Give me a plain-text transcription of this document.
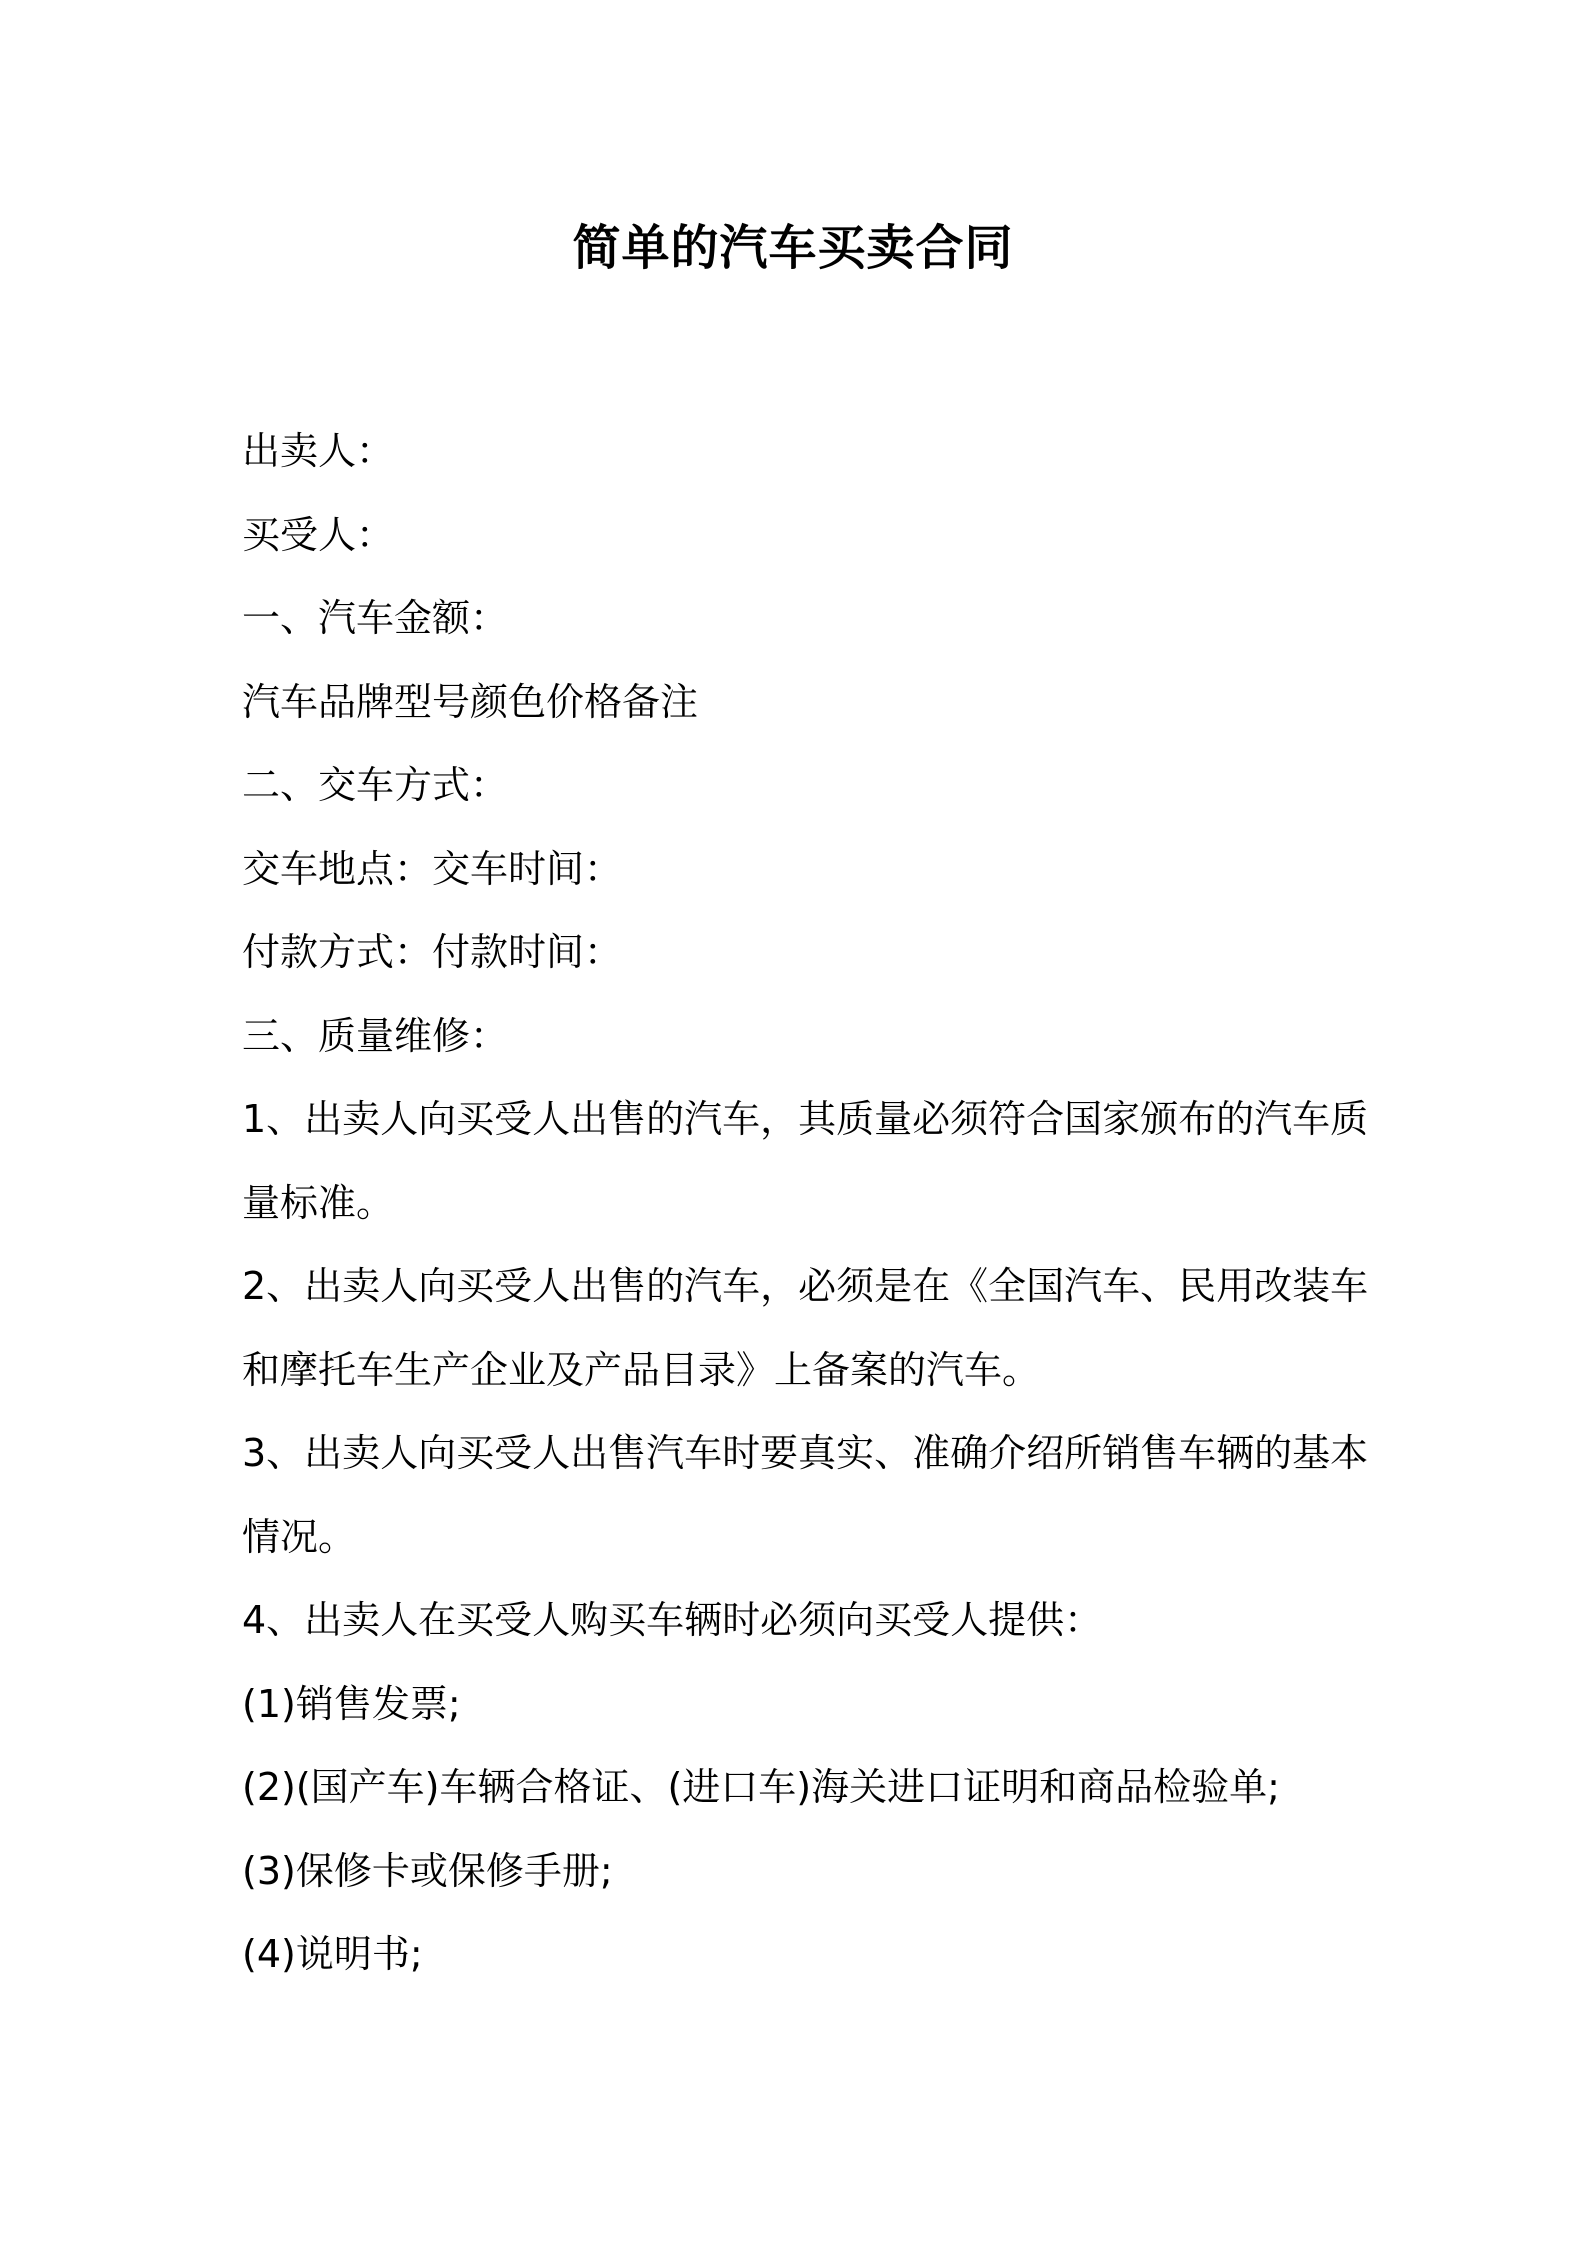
简单的汽车买卖合同
出卖人：
买受人：
一、汽车金额：
汽车品牌型号颜色价格备注
二、交车方式：
交车地点：交车时间：
付款方式：付款时间：
三、质量维修：
1、出卖人向买受人出售的汽车，其质量必须符合国家颁布的汽车质
量标准。
2、出卖人向买受人出售的汽车，必须是在《全国汽车、民用改装车
和摩托车生产企业及产品目录》上备案的汽车。
3、出卖人向买受人出售汽车时要真实、准确介绍所销售车辆的基本
情况。
4、出卖人在买受人购买车辆时必须向买受人提供：
(1)销售发票;
(2)(国产车)车辆合格证、(进口车)海关进口证明和商品检验单;
(3)保修卡或保修手册;
(4)说明书;
